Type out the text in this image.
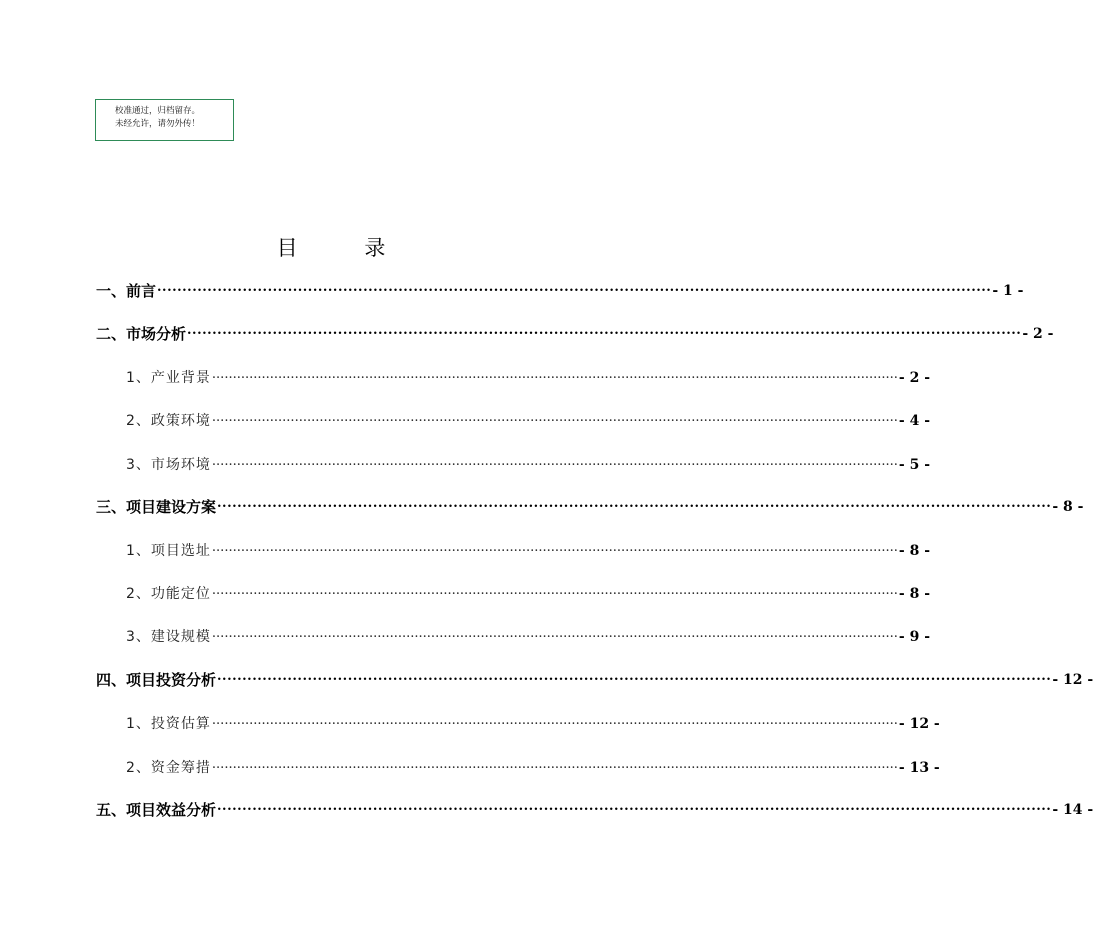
校准通过，归档留存。
未经允许，请勿外传！
目 录
一、前言 ...................................................................................................................................................................... - 1 -
二、市场分析 ...................................................................................................................................................................... - 2 -
1、产业背景 ...................................................................................................................................................................... - 2 -
2、政策环境 ...................................................................................................................................................................... - 4 -
3、市场环境 ...................................................................................................................................................................... - 5 -
三、项目建设方案 ...................................................................................................................................................................... - 8 -
1、项目选址 ...................................................................................................................................................................... - 8 -
2、功能定位 ...................................................................................................................................................................... - 8 -
3、建设规模 ...................................................................................................................................................................... - 9 -
四、项目投资分析 ...................................................................................................................................................................... - 12 -
1、投资估算 ...................................................................................................................................................................... - 12 -
2、资金筹措 ...................................................................................................................................................................... - 13 -
五、项目效益分析 ...................................................................................................................................................................... - 14 -
